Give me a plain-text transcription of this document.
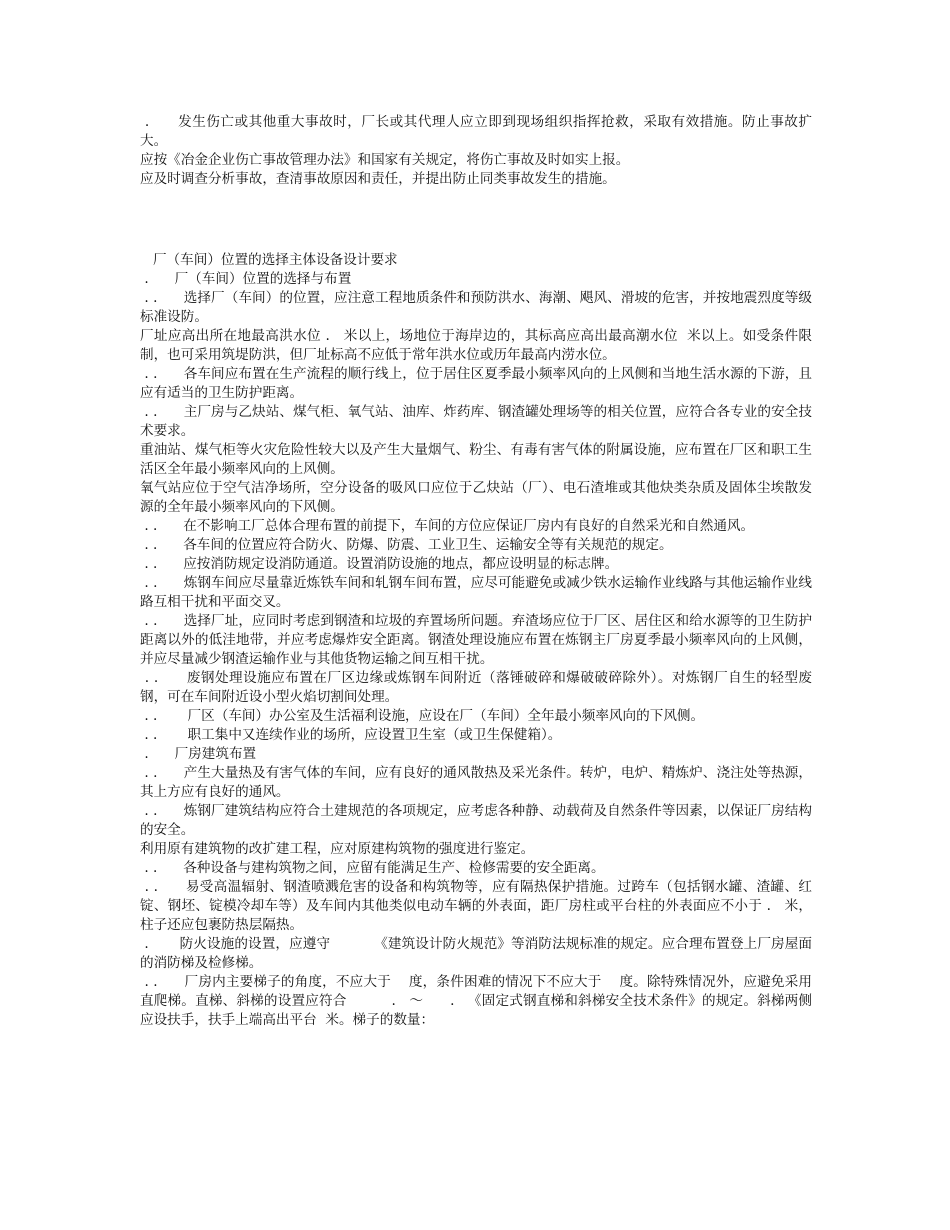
.      发生伤亡或其他重大事故时，厂长或其代理人应立即到现场组织指挥抢救，采取有效措施。防止事故扩大。

应按《冶金企业伤亡事故管理办法》和国家有关规定，将伤亡事故及时如实上报。

应及时调查分析事故，查清事故原因和责任，并提出防止同类事故发生的措施。

厂（车间）位置的选择主体设备设计要求

.      厂（车间）位置的选择与布置

. .      选择厂（车间）的位置，应注意工程地质条件和预防洪水、海潮、飓风、滑坡的危害，并按地震烈度等级标准设防。

厂址应高出所在地最高洪水位 .   米以上，场地位于海岸边的，其标高应高出最高潮水位  米以上。如受条件限制，也可采用筑堤防洪，但厂址标高不应低于常年洪水位或历年最高内涝水位。

. .      各车间应布置在生产流程的顺行线上，位于居住区夏季最小频率风向的上风侧和当地生活水源的下游，且应有适当的卫生防护距离。

. .      主厂房与乙炔站、煤气柜、氧气站、油库、炸药库、钢渣罐处理场等的相关位置，应符合各专业的安全技术要求。

重油站、煤气柜等火灾危险性较大以及产生大量烟气、粉尘、有毒有害气体的附属设施，应布置在厂区和职工生活区全年最小频率风向的上风侧。

氧气站应位于空气洁净场所，空分设备的吸风口应位于乙炔站（厂）、电石渣堆或其他炔类杂质及固体尘埃散发源的全年最小频率风向的下风侧。

. .      在不影响工厂总体合理布置的前提下，车间的方位应保证厂房内有良好的自然采光和自然通风。

. .      各车间的位置应符合防火、防爆、防震、工业卫生、运输安全等有关规范的规定。

. .      应按消防规定设消防通道。设置消防设施的地点，都应设明显的标志牌。

. .      炼钢车间应尽量靠近炼铁车间和轧钢车间布置，应尽可能避免或减少铁水运输作业线路与其他运输作业线路互相干扰和平面交叉。

. .      选择厂址，应同时考虑到钢渣和垃圾的弃置场所问题。弃渣场应位于厂区、居住区和给水源等的卫生防护距离以外的低洼地带，并应考虑爆炸安全距离。钢渣处理设施应布置在炼钢主厂房夏季最小频率风向的上风侧，并应尽量减少钢渣运输作业与其他货物运输之间互相干扰。

. .      废钢处理设施应布置在厂区边缘或炼钢车间附近（落锤破碎和爆破破碎除外）。对炼钢厂自生的轻型废钢，可在车间附近设小型火焰切割间处理。

. .       厂区（车间）办公室及生活福利设施，应设在厂（车间）全年最小频率风向的下风侧。

. .       职工集中又连续作业的场所，应设置卫生室（或卫生保健箱）。

.      厂房建筑布置

. .      产生大量热及有害气体的车间，应有良好的通风散热及采光条件。转炉，电炉、精炼炉、浇注处等热源，其上方应有良好的通风。

. .      炼钢厂建筑结构应符合土建规范的各项规定，应考虑各种静、动载荷及自然条件等因素，以保证厂房结构的安全。

利用原有建筑物的改扩建工程，应对原建构筑物的强度进行鉴定。

. .      各种设备与建构筑物之间，应留有能满足生产、检修需要的安全距离。

. .      易受高温辐射、钢渣喷溅危害的设备和构筑物等，应有隔热保护措施。过跨车（包括钢水罐、渣罐、红锭、钢坯、锭模冷却车等）及车间内其他类似电动车辆的外表面，距厂房柱或平台柱的外表面应不小于 .   米，柱子还应包裹防热层隔热。

.       防火设施的设置，应遵守          《建筑设计防火规范》等消防法规标准的规定。应合理布置登上厂房屋面的消防梯及检修梯。

. .      厂房内主要梯子的角度，不应大于    度，条件困难的情况下不应大于    度。除特殊情况外，应避免采用直爬梯。直梯、斜梯的设置应符合          .   ～      .   《固定式钢直梯和斜梯安全技术条件》的规定。斜梯两侧应设扶手，扶手上端高出平台  米。梯子的数量：
